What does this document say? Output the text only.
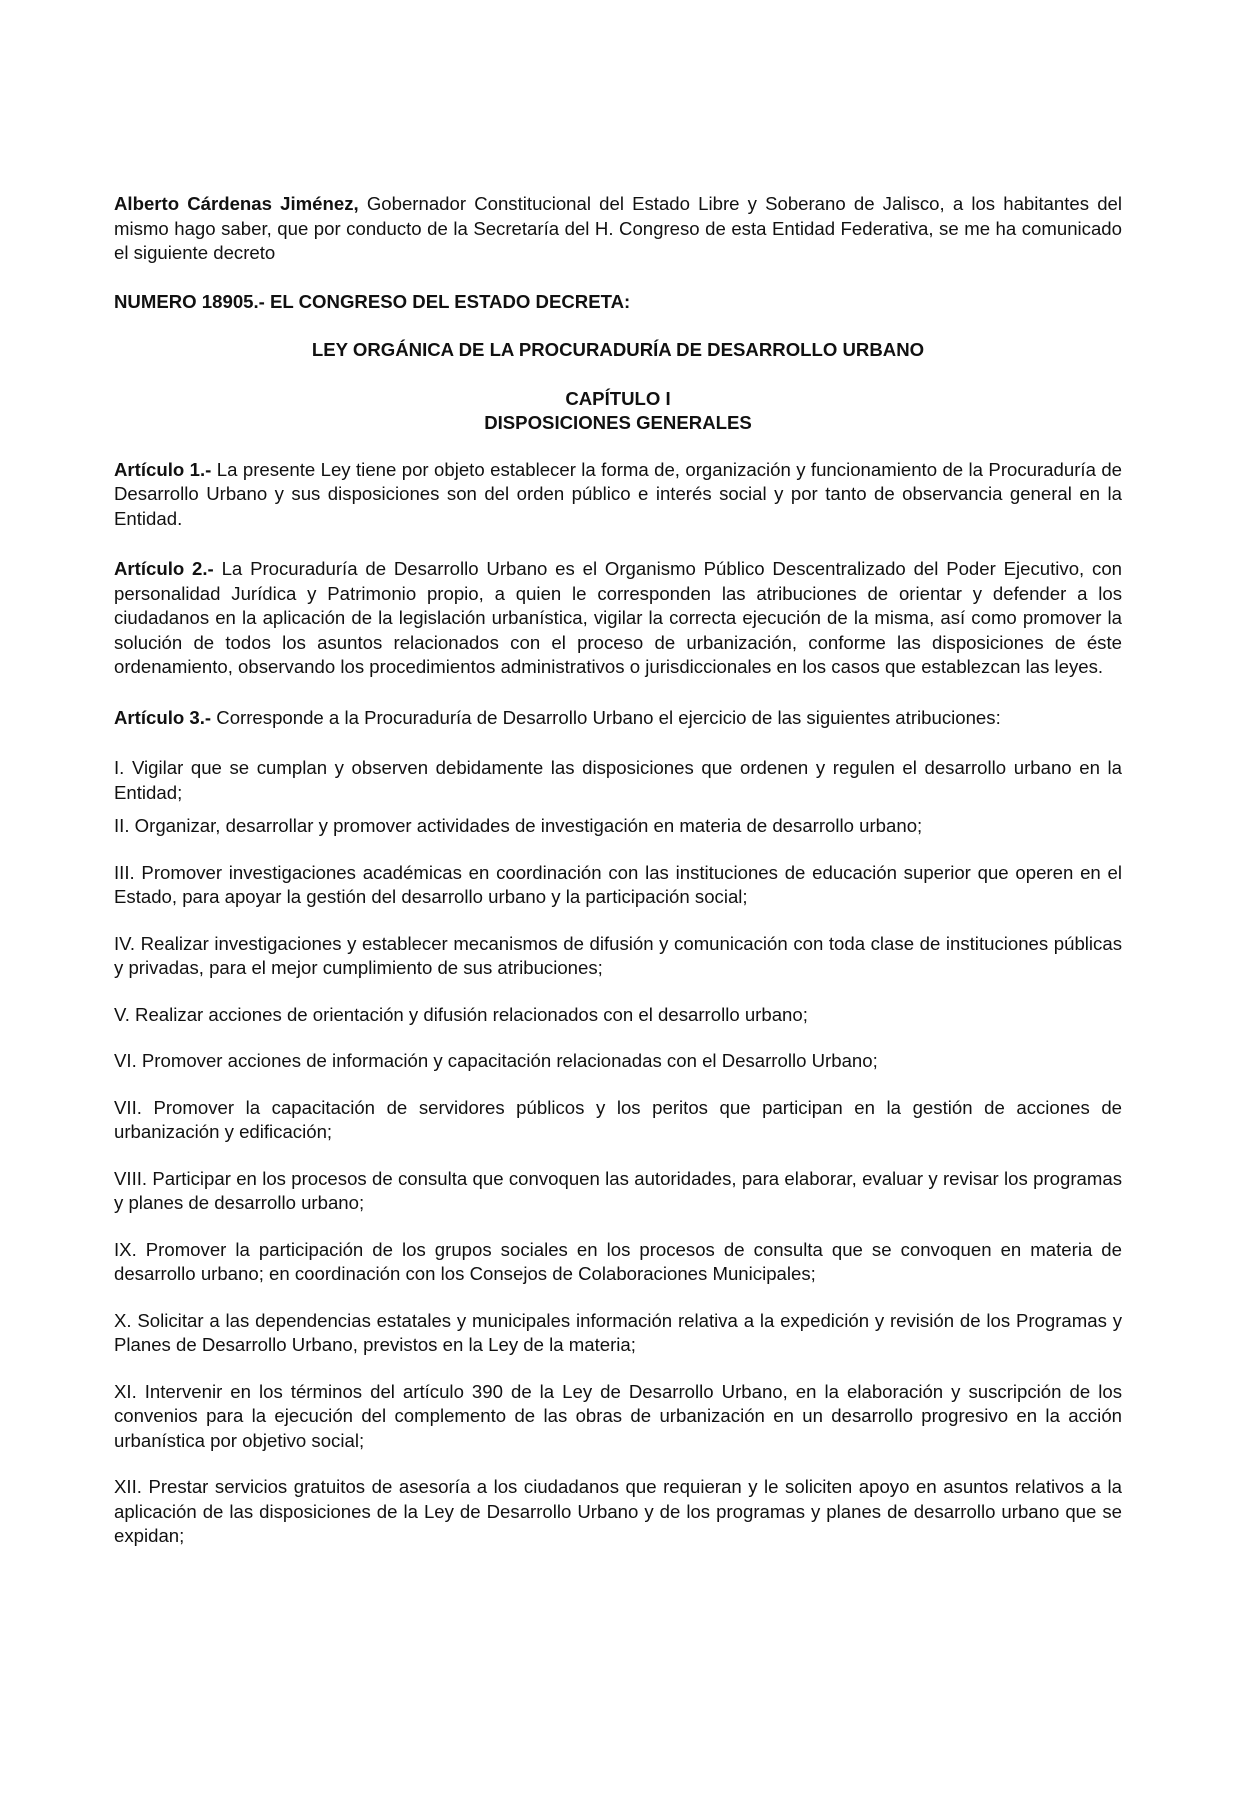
Alberto Cárdenas Jiménez, Gobernador Constitucional del Estado Libre y Soberano de Jalisco, a los habitantes del mismo hago saber, que por conducto de la Secretaría del H. Congreso de esta Entidad Federativa, se me ha comunicado el siguiente decreto

NUMERO 18905.- EL CONGRESO DEL ESTADO DECRETA:

LEY ORGÁNICA DE LA PROCURADURÍA DE DESARROLLO URBANO

CAPÍTULO I
DISPOSICIONES GENERALES

Artículo 1.- La presente Ley tiene por objeto establecer la forma de, organización y funcionamiento de la Procuraduría de Desarrollo Urbano y sus disposiciones son del orden público e interés social y por tanto de observancia general en la Entidad.

Artículo 2.- La Procuraduría de Desarrollo Urbano es el Organismo Público Descentralizado del Poder Ejecutivo, con personalidad Jurídica y Patrimonio propio, a quien le corresponden las atribuciones de orientar y defender a los ciudadanos en la aplicación de la legislación urbanística, vigilar la correcta ejecución de la misma, así como promover la solución de todos los asuntos relacionados con el proceso de urbanización, conforme las disposiciones de éste ordenamiento, observando los procedimientos administrativos o jurisdiccionales en los casos que establezcan las leyes.

Artículo 3.- Corresponde a la Procuraduría de Desarrollo Urbano el ejercicio de las siguientes atribuciones:

I. Vigilar que se cumplan y observen debidamente las disposiciones que ordenen y regulen el desarrollo urbano en la Entidad;

II. Organizar, desarrollar y promover actividades de investigación en materia de desarrollo urbano;

III. Promover investigaciones académicas en coordinación con las instituciones de educación superior que operen en el Estado, para apoyar la gestión del desarrollo urbano y la participación social;

IV. Realizar investigaciones y establecer mecanismos de difusión y comunicación con toda clase de instituciones públicas y privadas, para el mejor cumplimiento de sus atribuciones;

V. Realizar acciones de orientación y difusión relacionados con el desarrollo urbano;

VI. Promover acciones de información y capacitación relacionadas con el Desarrollo Urbano;

VII. Promover la capacitación de servidores públicos y los peritos que participan en la gestión de acciones de urbanización y edificación;

VIII. Participar en los procesos de consulta que convoquen las autoridades, para elaborar, evaluar y revisar los programas y planes de desarrollo urbano;

IX. Promover la participación de los grupos sociales en los procesos de consulta que se convoquen en materia de desarrollo urbano; en coordinación con los Consejos de Colaboraciones Municipales;

X. Solicitar a las dependencias estatales y municipales información relativa a la expedición y revisión de los Programas y Planes de Desarrollo Urbano, previstos en la Ley de la materia;

XI. Intervenir en los términos del artículo 390 de la Ley de Desarrollo Urbano, en la elaboración y suscripción de los convenios para la ejecución del complemento de las obras de urbanización en un desarrollo progresivo en la acción urbanística por objetivo social;

XII. Prestar servicios gratuitos de asesoría a los ciudadanos que requieran y le soliciten apoyo en asuntos relativos a la aplicación de las disposiciones de la Ley de Desarrollo Urbano y de los programas y planes de desarrollo urbano que se expidan;
